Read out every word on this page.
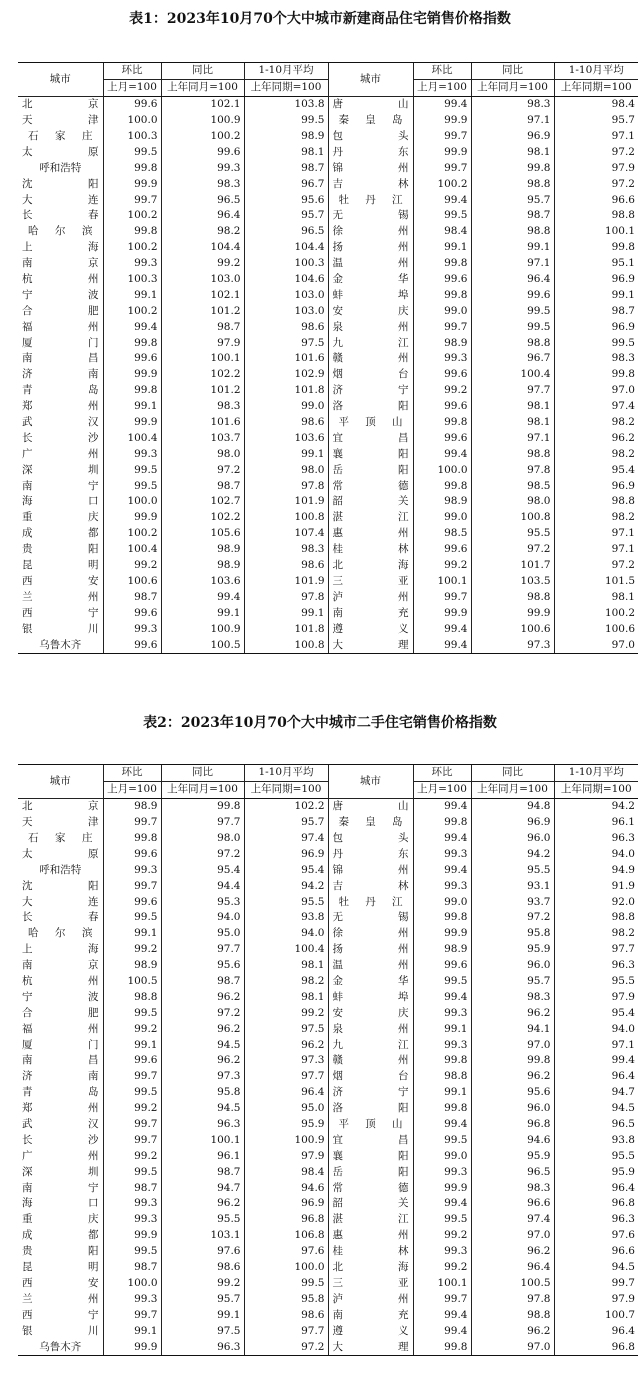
表1：2023年10月70个大中城市新建商品住宅销售价格指数
城市	环比	同比	1-10月平均	城市	环比	同比	1-10月平均
	上月=100	上年同月=100	上年同期=100		上月=100	上年同月=100	上年同期=100

北 京	99.6	102.1	103.8	唐 山	99.4	98.3	98.4

天 津	100.0	100.9	99.5	秦 皇 岛	99.9	97.1	95.7

石 家 庄	100.3	100.2	98.9	包 头	99.7	96.9	97.1

太 原	99.5	99.6	98.1	丹 东	99.9	98.1	97.2

呼和浩特	99.8	99.3	98.7	锦 州	99.7	99.8	97.9

沈 阳	99.9	98.3	96.7	吉 林	100.2	98.8	97.2

大 连	99.7	96.5	95.6	牡 丹 江	99.4	95.7	96.6

长 春	100.2	96.4	95.7	无 锡	99.5	98.7	98.8

哈 尔 滨	99.8	98.2	96.5	徐 州	98.4	98.8	100.1

上 海	100.2	104.4	104.4	扬 州	99.1	99.1	99.8

南 京	99.3	99.2	100.3	温 州	99.8	97.1	95.1

杭 州	100.3	103.0	104.6	金 华	99.6	96.4	96.9

宁 波	99.1	102.1	103.0	蚌 埠	99.8	99.6	99.1

合 肥	100.2	101.2	103.0	安 庆	99.0	99.5	98.7

福 州	99.4	98.7	98.6	泉 州	99.7	99.5	96.9

厦 门	99.8	97.9	97.5	九 江	98.9	98.8	99.5

南 昌	99.6	100.1	101.6	赣 州	99.3	96.7	98.3

济 南	99.9	102.2	102.9	烟 台	99.6	100.4	99.8

青 岛	99.8	101.2	101.8	济 宁	99.2	97.7	97.0

郑 州	99.1	98.3	99.0	洛 阳	99.6	98.1	97.4

武 汉	99.9	101.6	98.6	平 顶 山	99.8	98.1	98.2

长 沙	100.4	103.7	103.6	宜 昌	99.6	97.1	96.2

广 州	99.3	98.0	99.1	襄 阳	99.4	98.8	98.2

深 圳	99.5	97.2	98.0	岳 阳	100.0	97.8	95.4

南 宁	99.5	98.7	97.8	常 德	99.8	98.5	96.9

海 口	100.0	102.7	101.9	韶 关	98.9	98.0	98.8

重 庆	99.9	102.2	100.8	湛 江	99.0	100.8	98.2

成 都	100.2	105.6	107.4	惠 州	98.5	95.5	97.1

贵 阳	100.4	98.9	98.3	桂 林	99.6	97.2	97.1

昆 明	99.2	98.9	98.6	北 海	99.2	101.7	97.2

西 安	100.6	103.6	101.9	三 亚	100.1	103.5	101.5

兰 州	98.7	99.4	97.8	泸 州	99.7	98.8	98.1

西 宁	99.6	99.1	99.1	南 充	99.9	99.9	100.2

银 川	99.3	100.9	101.8	遵 义	99.4	100.6	100.6

乌鲁木齐	99.6	100.5	100.8	大 理	99.4	97.3	97.0
表2：2023年10月70个大中城市二手住宅销售价格指数
城市	环比	同比	1-10月平均	城市	环比	同比	1-10月平均
	上月=100	上年同月=100	上年同期=100		上月=100	上年同月=100	上年同期=100

北 京	98.9	99.8	102.2	唐 山	99.4	94.8	94.2

天 津	99.7	97.7	95.7	秦 皇 岛	99.8	96.9	96.1

石 家 庄	99.8	98.0	97.4	包 头	99.4	96.0	96.3

太 原	99.6	97.2	96.9	丹 东	99.3	94.2	94.0

呼和浩特	99.3	95.4	95.4	锦 州	99.4	95.5	94.9

沈 阳	99.7	94.4	94.2	吉 林	99.3	93.1	91.9

大 连	99.6	95.3	95.5	牡 丹 江	99.0	93.7	92.0

长 春	99.5	94.0	93.8	无 锡	99.8	97.2	98.8

哈 尔 滨	99.1	95.0	94.0	徐 州	99.9	95.8	98.2

上 海	99.2	97.7	100.4	扬 州	98.9	95.9	97.7

南 京	98.9	95.6	98.1	温 州	99.6	96.0	96.3

杭 州	100.5	98.7	98.2	金 华	99.5	95.7	95.5

宁 波	98.8	96.2	98.1	蚌 埠	99.4	98.3	97.9

合 肥	99.5	97.2	99.2	安 庆	99.3	96.2	95.4

福 州	99.2	96.2	97.5	泉 州	99.1	94.1	94.0

厦 门	99.1	94.5	96.2	九 江	99.3	97.0	97.1

南 昌	99.6	96.2	97.3	赣 州	99.8	99.8	99.4

济 南	99.7	97.3	97.7	烟 台	98.8	96.2	96.4

青 岛	99.5	95.8	96.4	济 宁	99.1	95.6	94.7

郑 州	99.2	94.5	95.0	洛 阳	99.8	96.0	94.5

武 汉	99.7	96.3	95.9	平 顶 山	99.4	96.8	96.5

长 沙	99.7	100.1	100.9	宜 昌	99.5	94.6	93.8

广 州	99.2	96.1	97.9	襄 阳	99.0	95.9	95.5

深 圳	99.5	98.7	98.4	岳 阳	99.3	96.5	95.9

南 宁	98.7	94.7	94.6	常 德	99.9	98.3	96.4

海 口	99.3	96.2	96.9	韶 关	99.4	96.6	96.8

重 庆	99.3	95.5	96.8	湛 江	99.5	97.4	96.3

成 都	99.9	103.1	106.8	惠 州	99.2	97.0	97.6

贵 阳	99.5	97.6	97.6	桂 林	99.3	96.2	96.6

昆 明	98.7	98.6	100.0	北 海	99.2	96.4	94.5

西 安	100.0	99.2	99.5	三 亚	100.1	100.5	99.7

兰 州	99.3	95.7	95.8	泸 州	99.7	97.8	97.9

西 宁	99.7	99.1	98.6	南 充	99.4	98.8	100.7

银 川	99.1	97.5	97.7	遵 义	99.4	96.2	96.4

乌鲁木齐	99.9	96.3	97.2	大 理	99.8	97.0	96.8
